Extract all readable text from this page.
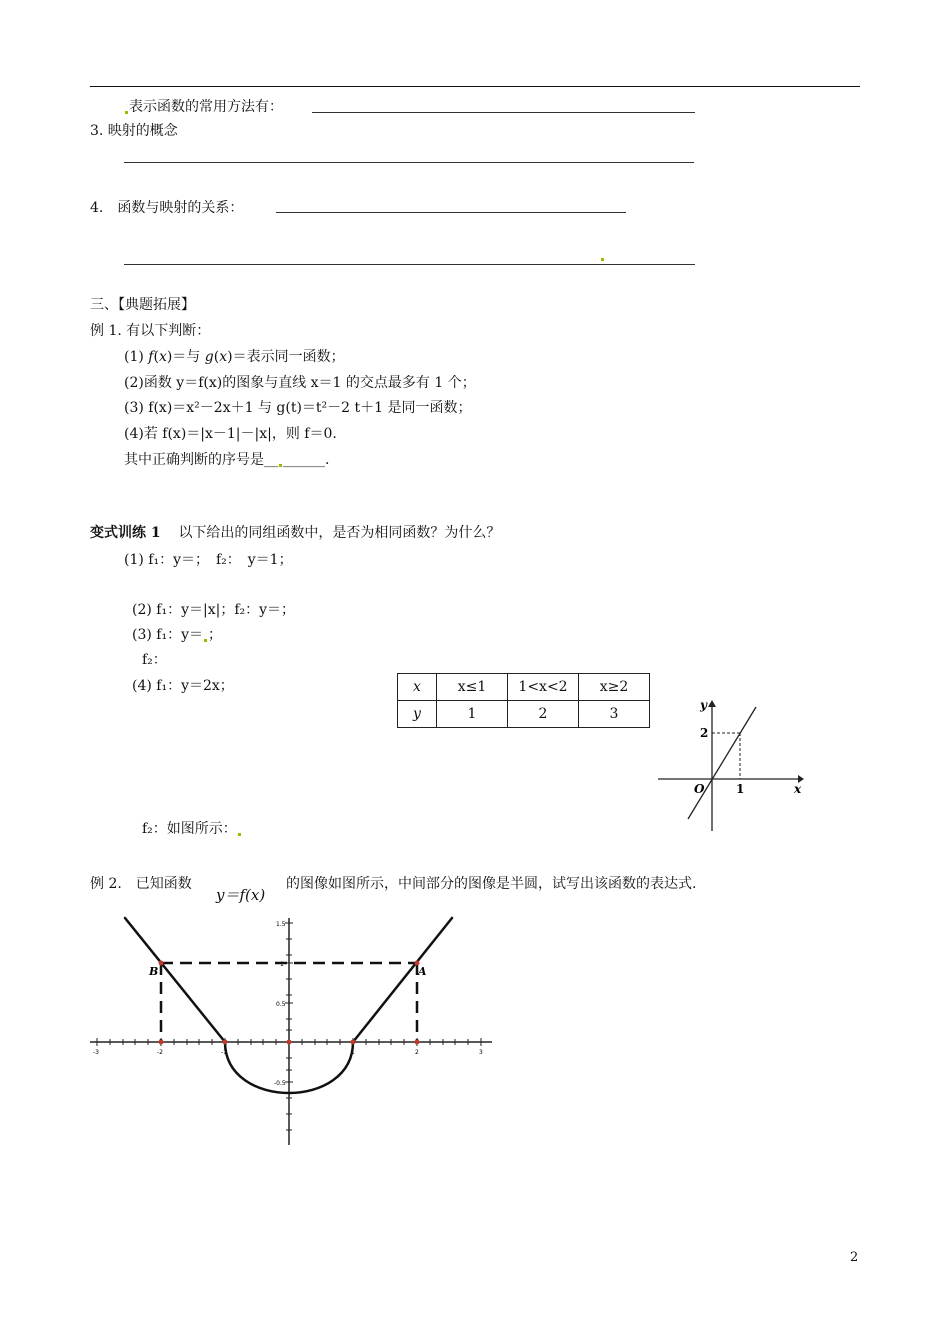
表示函数的常用方法有：
3. 映射的概念
4.　函数与映射的关系：
三、【典题拓展】
例 1. 有以下判断：
(1) f(x)＝与 g(x)＝表示同一函数；
(2)函数 y＝f(x)的图象与直线 x＝1 的交点最多有 1 个；
(3) f(x)＝x²－2x＋1 与 g(t)＝t²－2 t＋1 是同一函数；
(4)若 f(x)＝|x－1|－|x|，则 f＝0.
其中正确判断的序号是__ ______.
变式训练 1 以下给出的同组函数中，是否为相同函数？为什么？
(1) f₁：y＝；　f₂：　y＝1；
(2) f₁：y＝|x|；f₂：y＝；
(3) f₁：y＝ ；
f₂：
(4) f₁：y＝2x；	x	x≤1	1<x<2	x≥2
y	1	2	3
y
x
O	1
2
f₂：如图所示：
例 2.　已知函数
y＝f(x)
的图像如图所示，中间部分的图像是半圆，试写出该函数的表达式.
-3	-2	-1	1	2	3
1.5
1
0.5
-0.5
B	A
2
